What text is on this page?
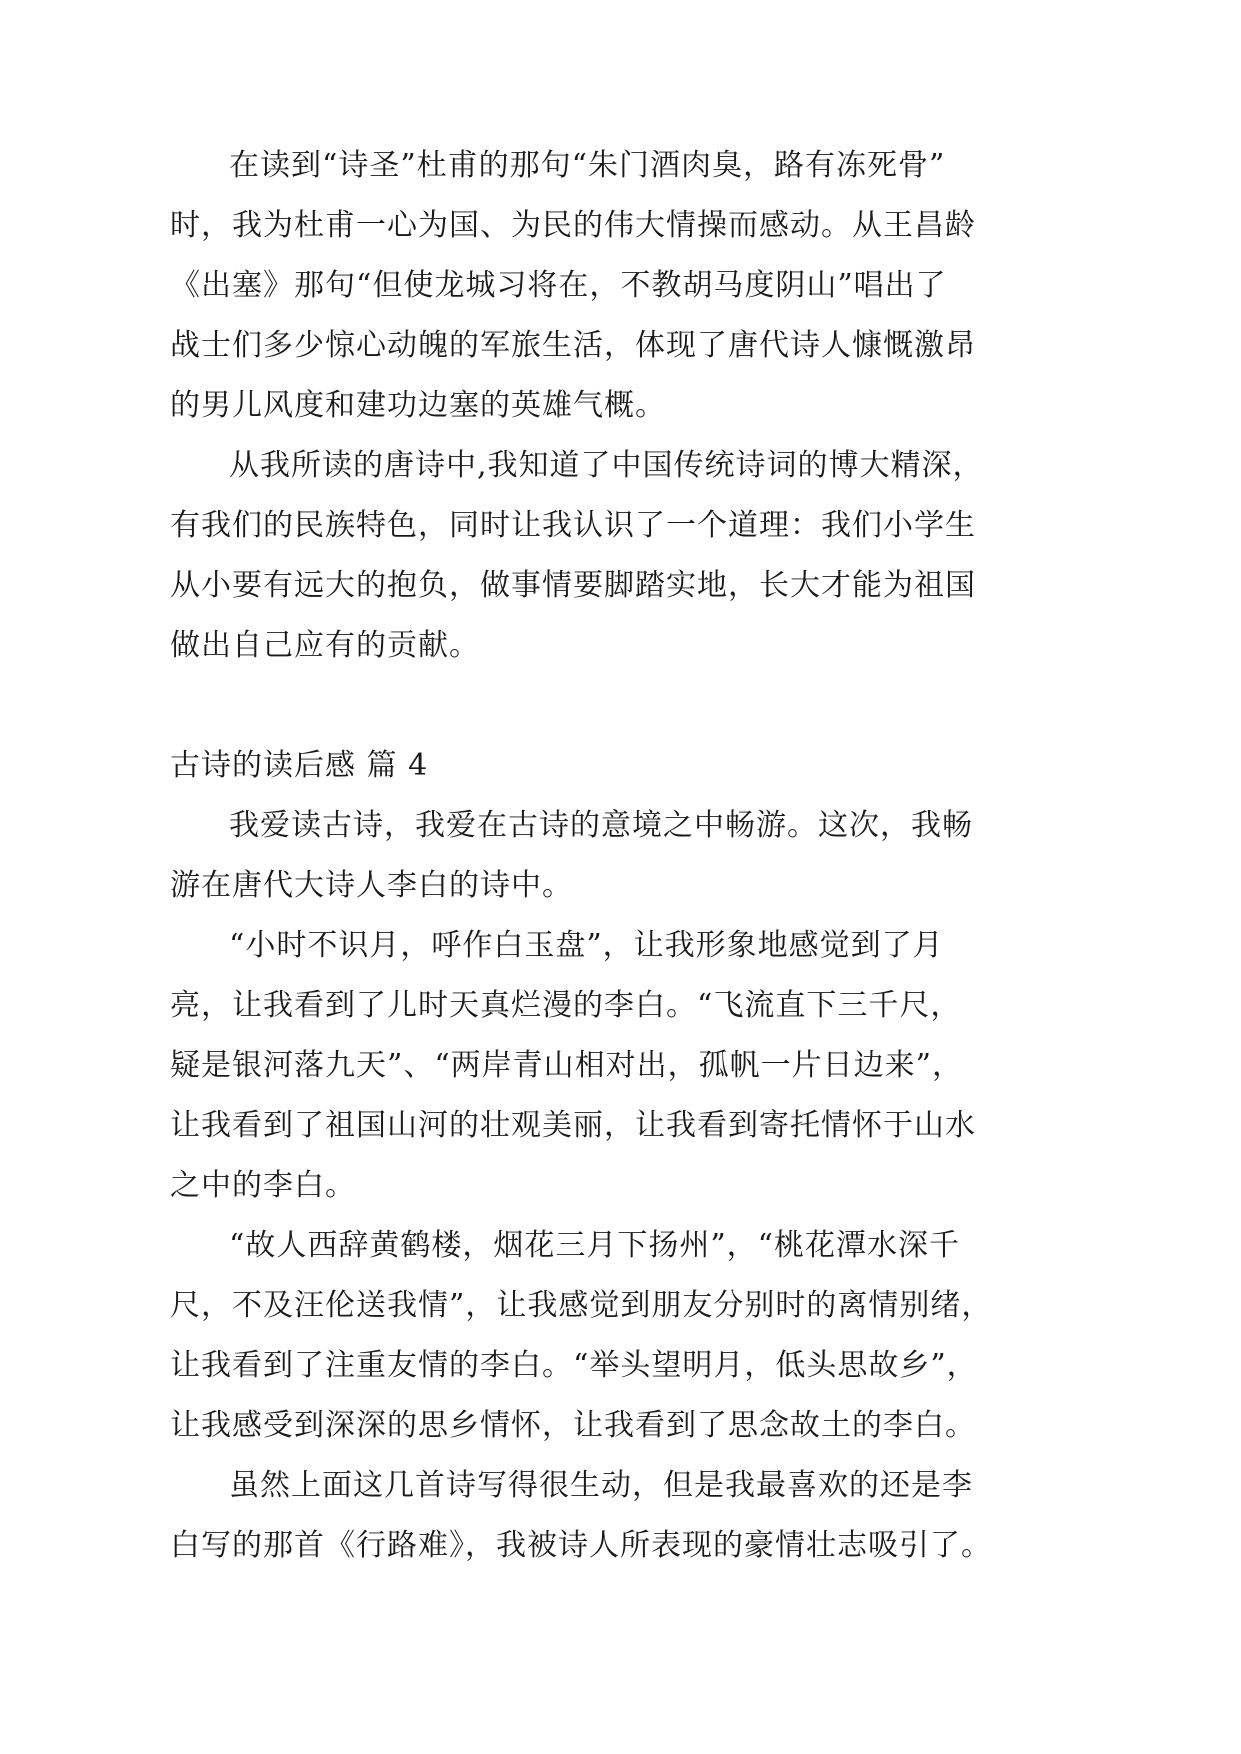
在读到“诗圣”杜甫的那句“朱门酒肉臭，路有冻死骨”
时，我为杜甫一心为国、为民的伟大情操而感动。从王昌龄
《出塞》那句“但使龙城习将在，不教胡马度阴山”唱出了
战士们多少惊心动魄的军旅生活，体现了唐代诗人慷慨激昂
的男儿风度和建功边塞的英雄气概。
从我所读的唐诗中,我知道了中国传统诗词的博大精深，
有我们的民族特色，同时让我认识了一个道理：我们小学生
从小要有远大的抱负，做事情要脚踏实地，长大才能为祖国
做出自己应有的贡献。
古诗的读后感 篇 4
我爱读古诗，我爱在古诗的意境之中畅游。这次，我畅
游在唐代大诗人李白的诗中。
“小时不识月，呼作白玉盘”，让我形象地感觉到了月
亮，让我看到了儿时天真烂漫的李白。“飞流直下三千尺，
疑是银河落九天”、“两岸青山相对出，孤帆一片日边来”，
让我看到了祖国山河的壮观美丽，让我看到寄托情怀于山水
之中的李白。
“故人西辞黄鹤楼，烟花三月下扬州”，“桃花潭水深千
尺，不及汪伦送我情”，让我感觉到朋友分别时的离情别绪，
让我看到了注重友情的李白。“举头望明月，低头思故乡”，
让我感受到深深的思乡情怀，让我看到了思念故土的李白。
虽然上面这几首诗写得很生动，但是我最喜欢的还是李
白写的那首《行路难》，我被诗人所表现的豪情壮志吸引了。
